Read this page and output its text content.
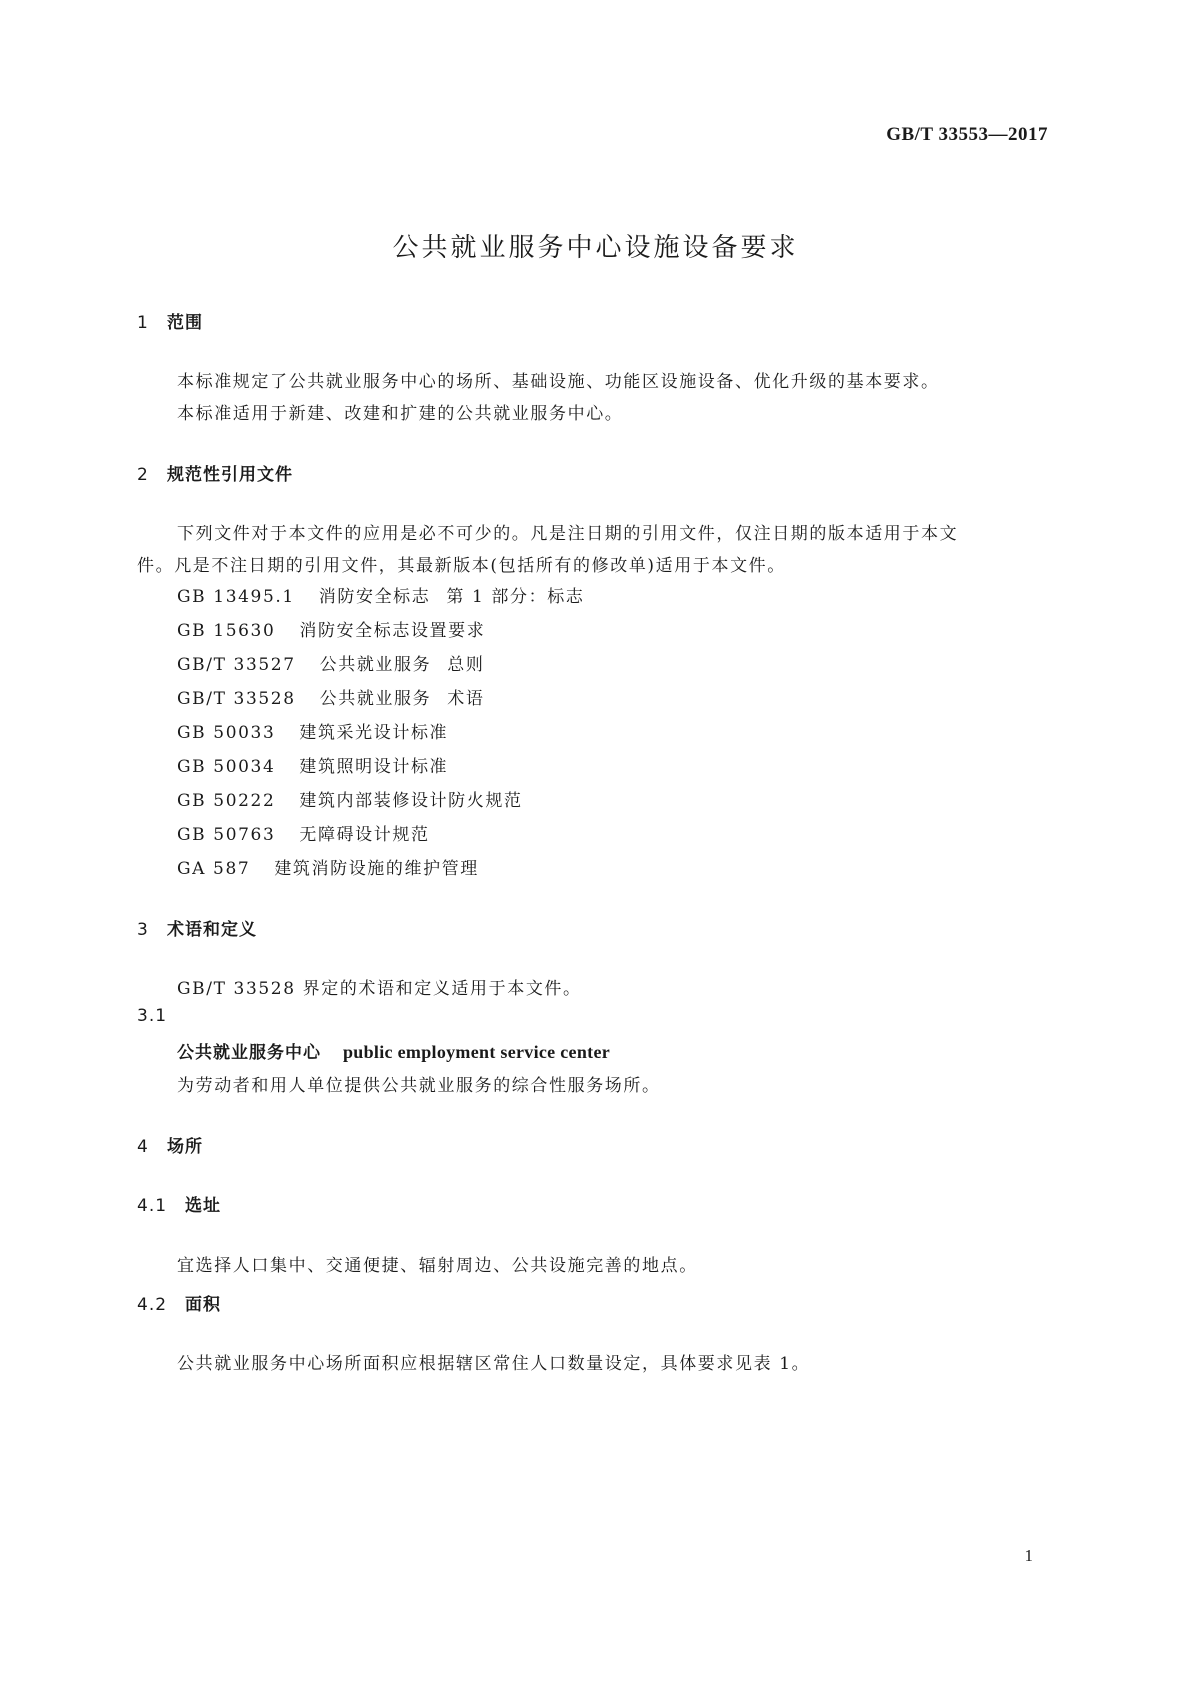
GB/T 33553—2017
公共就业服务中心设施设备要求
1 范围
本标准规定了公共就业服务中心的场所、基础设施、功能区设施设备、优化升级的基本要求。
本标准适用于新建、改建和扩建的公共就业服务中心。
2 规范性引用文件
下列文件对于本文件的应用是必不可少的。凡是注日期的引用文件，仅注日期的版本适用于本文
件。凡是不注日期的引用文件，其最新版本(包括所有的修改单)适用于本文件。
GB 13495.1 消防安全标志 第 1 部分：标志
GB 15630 消防安全标志设置要求
GB/T 33527 公共就业服务 总则
GB/T 33528 公共就业服务 术语
GB 50033 建筑采光设计标准
GB 50034 建筑照明设计标准
GB 50222 建筑内部装修设计防火规范
GB 50763 无障碍设计规范
GA 587 建筑消防设施的维护管理
3 术语和定义
GB/T 33528 界定的术语和定义适用于本文件。
3.1
公共就业服务中心 public employment service center
为劳动者和用人单位提供公共就业服务的综合性服务场所。
4 场所
4.1 选址
宜选择人口集中、交通便捷、辐射周边、公共设施完善的地点。
4.2 面积
公共就业服务中心场所面积应根据辖区常住人口数量设定，具体要求见表 1。
1
